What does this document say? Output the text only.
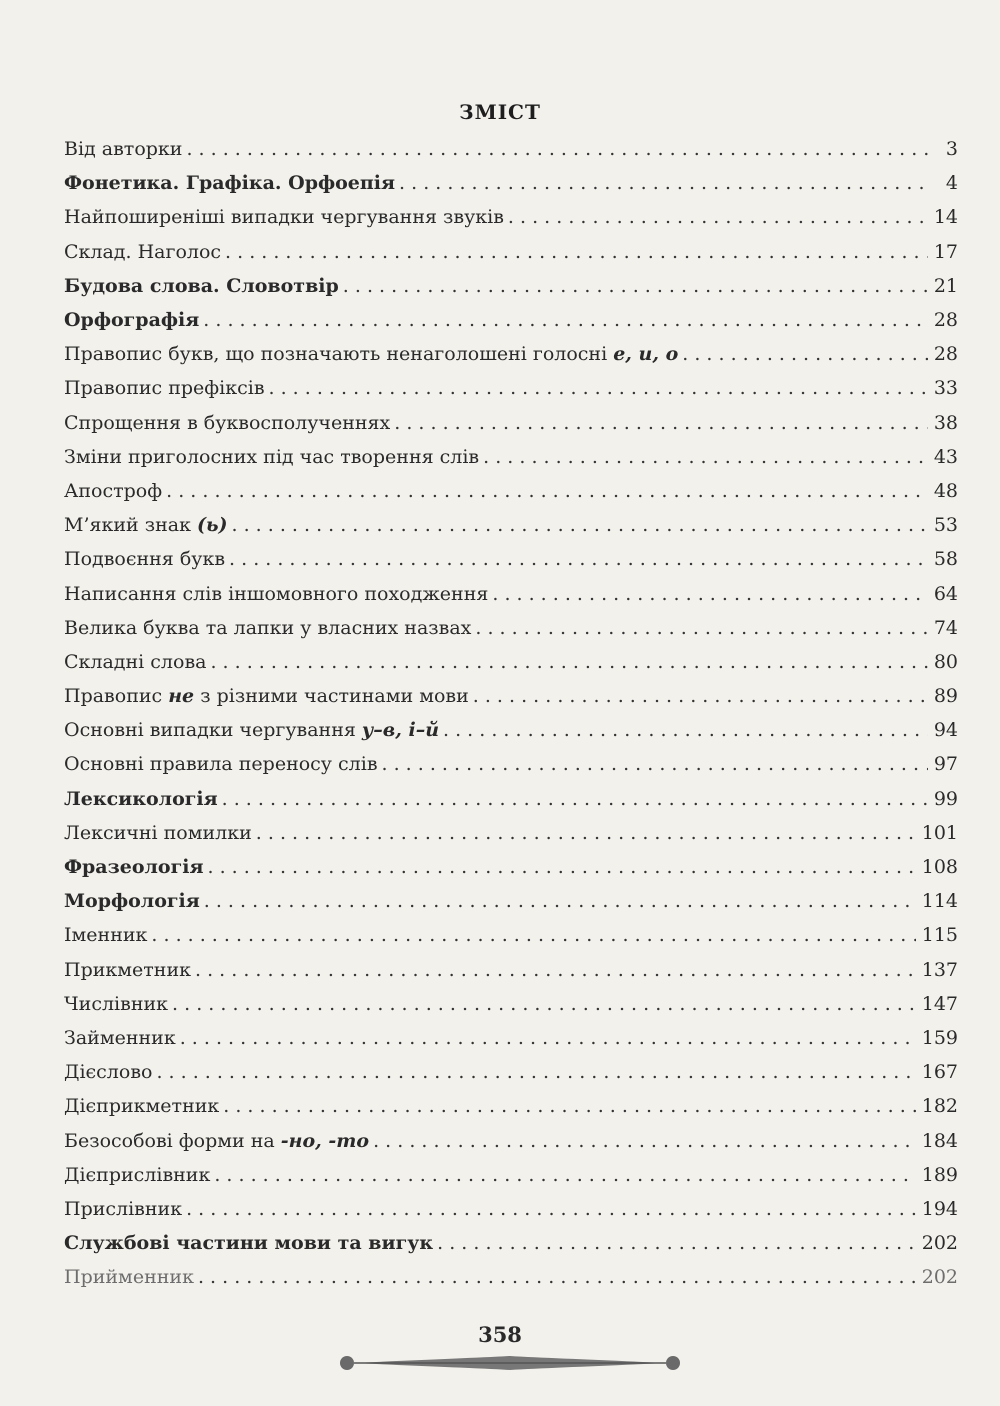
ЗМІСТ
Від авторки . . .	3
Фонетика. Графіка. Орфоепія . . .	4
Найпоширеніші випадки чергування звуків . . .	14
Склад. Наголос . . .	17
Будова слова. Словотвір . . .	21
Орфографія . . .	28
Правопис букв, що позначають ненаголошені голосні е, и, о . . .	28
Правопис префіксів . . .	33
Спрощення в буквосполученнях . . .	38
Зміни приголосних під час творення слів . . .	43
Апостроф . . .	48
М’який знак (ь) . . .	53
Подвоєння букв . . .	58
Написання слів іншомовного походження . . .	64
Велика буква та лапки у власних назвах . . .	74
Складні слова . . .	80
Правопис не з різними частинами мови . . .	89
Основні випадки чергування у–в, і–й . . .	94
Основні правила переносу слів . . .	97
Лексикологія . . .	99
Лексичні помилки . . .	101
Фразеологія . . .	108
Морфологія . . .	114
Іменник . . .	115
Прикметник . . .	137
Числівник . . .	147
Займенник . . .	159
Дієслово . . .	167
Дієприкметник . . .	182
Безособові форми на -но, -то . . .	184
Дієприслівник . . .	189
Прислівник . . .	194
Службові частини мови та вигук . . .	202
Прийменник . . .	202
358
